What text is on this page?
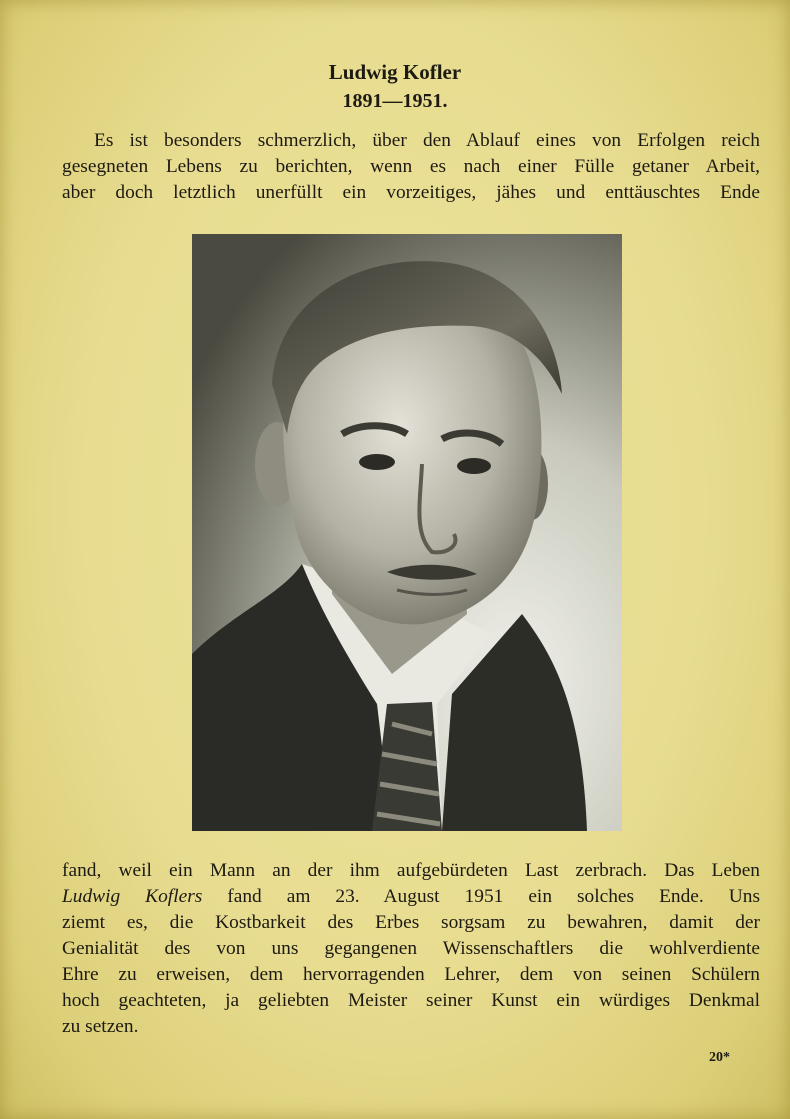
Ludwig Kofler
1891—1951.
Es ist besonders schmerzlich, über den Ablauf eines von Erfolgen reich
gesegneten Lebens zu berichten, wenn es nach einer Fülle getaner Arbeit,
aber doch letztlich unerfüllt ein vorzeitiges, jähes und enttäuschtes Ende
fand, weil ein Mann an der ihm aufgebürdeten Last zerbrach. Das Leben
Ludwig Koflers fand am 23. August 1951 ein solches Ende. Uns
ziemt es, die Kostbarkeit des Erbes sorgsam zu bewahren, damit der
Genialität des von uns gegangenen Wissenschaftlers die wohlverdiente
Ehre zu erweisen, dem hervorragenden Lehrer, dem von seinen Schülern
hoch geachteten, ja geliebten Meister seiner Kunst ein würdiges Denkmal
zu setzen.
20*
